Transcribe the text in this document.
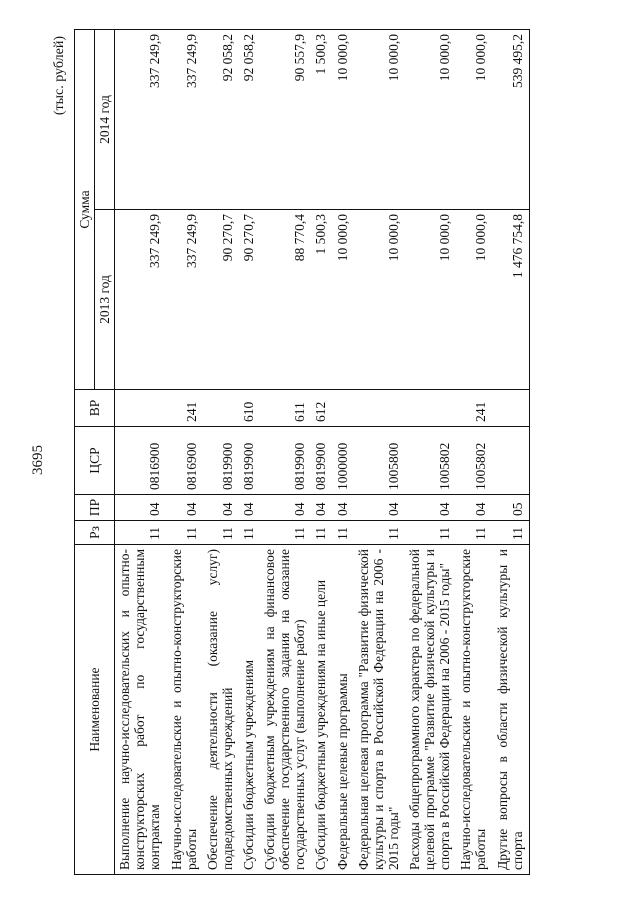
3695
(тыс. рублей)
Наименование	Рз	ПР	ЦСР	ВР	Сумма	
					2013 год	2014 год
Выполнение научно-исследовательских и опытно-конструкторских работ по государственным контрактам	11	04	0816900		337 249,9	337 249,9
Научно-исследовательские и опытно-конструкторские работы	11	04	0816900	241	337 249,9	337 249,9
Обеспечение деятельности (оказание услуг) подведомственных учреждений	11	04	0819900		90 270,7	92 058,2
Субсидии бюджетным учреждениям	11	04	0819900	610	90 270,7	92 058,2
Субсидии бюджетным учреждениям на финансовое обеспечение государственного задания на оказание государственных услуг (выполнение работ)	11	04	0819900	611	88 770,4	90 557,9
Субсидии бюджетным учреждениям на иные цели	11	04	0819900	612	1 500,3	1 500,3
Федеральные целевые программы	11	04	1000000		10 000,0	10 000,0
Федеральная целевая программа "Развитие физической культуры и спорта в Российской Федерации на 2006 - 2015 годы"	11	04	1005800		10 000,0	10 000,0
Расходы общепрограммного характера по федеральной целевой программе "Развитие физической культуры и спорта в Российской Федерации на 2006 - 2015 годы"	11	04	1005802		10 000,0	10 000,0
Научно-исследовательские и опытно-конструкторские работы	11	04	1005802	241	10 000,0	10 000,0
Другие вопросы в области физической культуры и спорта	11	05			1 476 754,8	539 495,2
